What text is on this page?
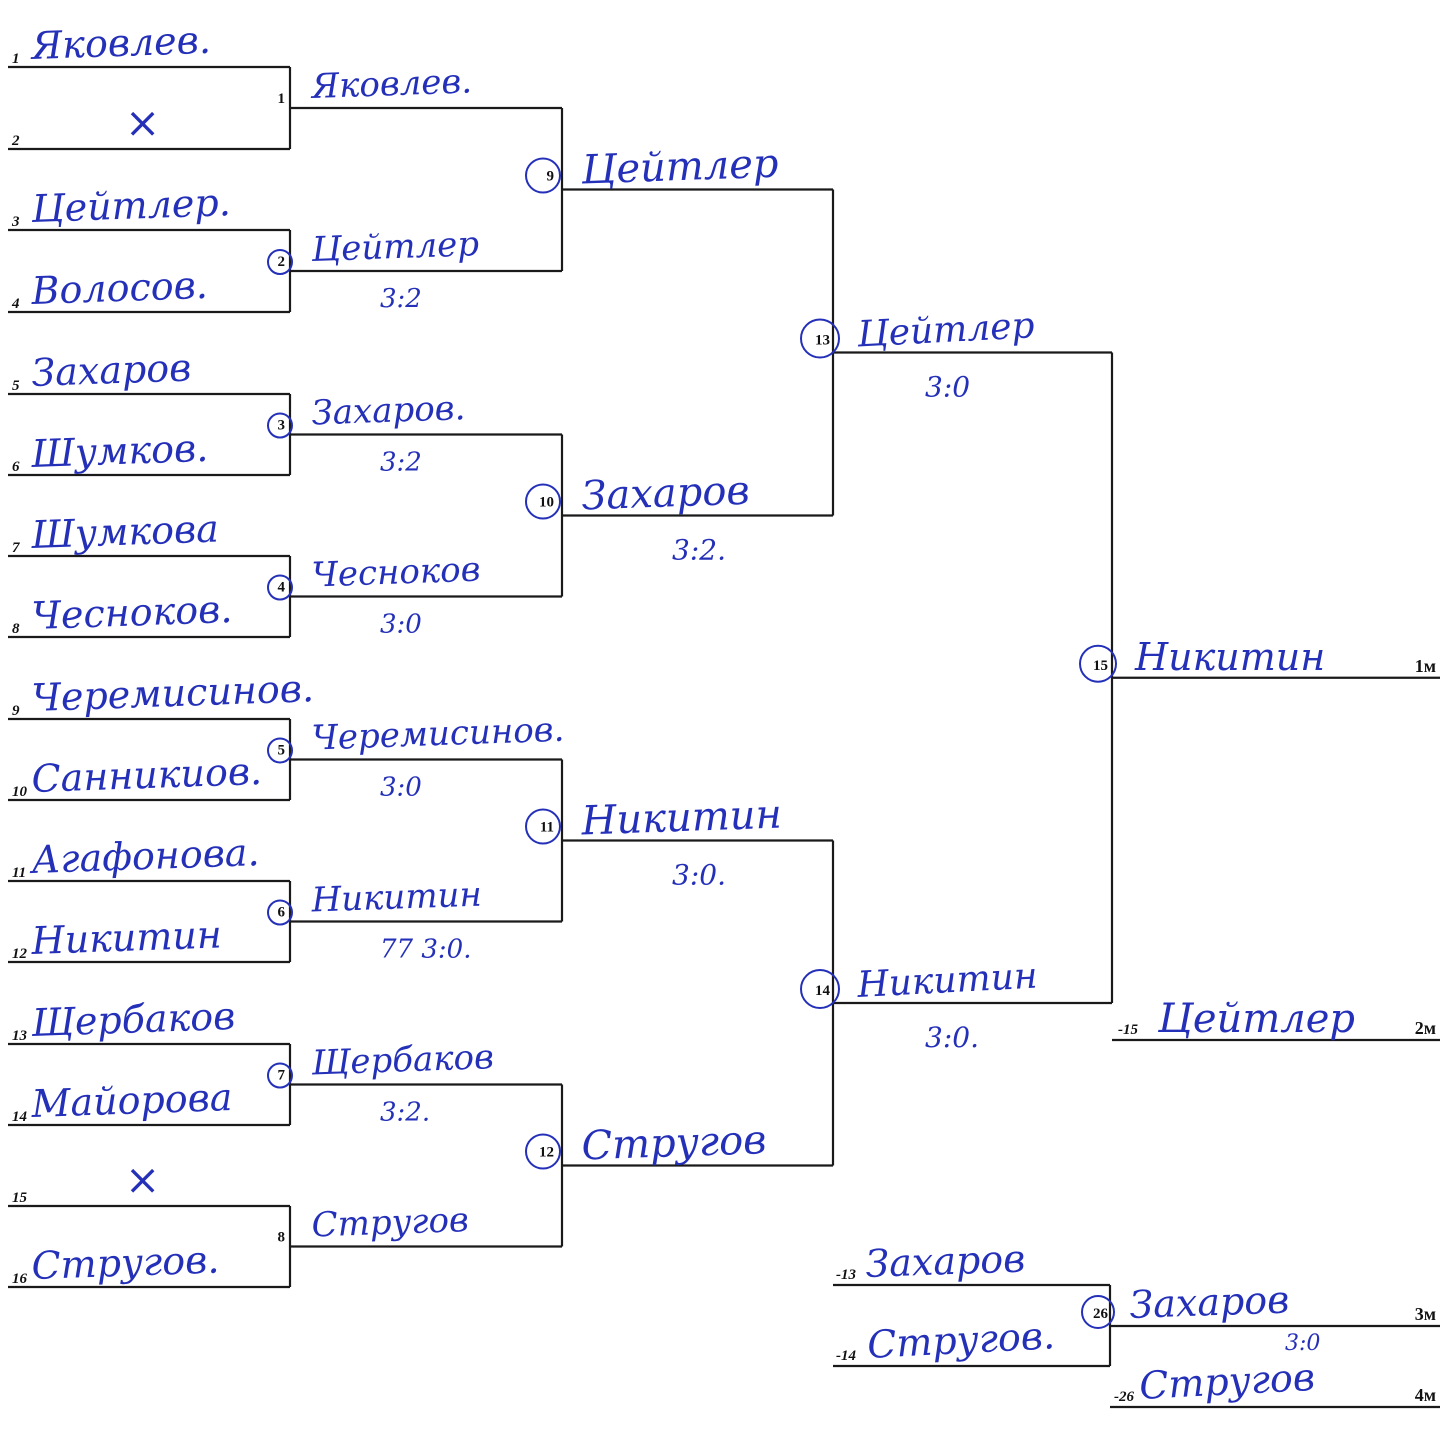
1 Яковлев.
2	×
3 Цейтлер.
4 Волосов.
5 Захаров
6 Шумков.
7 Шумкова
8 Чесноков.
9 Черемисинов.
10 Санникиов.
11 Агафонова.
12 Никитин
13 Щербаков
14 Майорова
15 ×
16 Стругов.
1 Яковлев.
2 Цейтлер
3:2
3 Захаров.
3:2
4 Чесноков
3:0
5 Черемисинов.
3:0
6 Никитин
77 3:0.
7 Щербаков
3:2.
8 Стругов
9 Цейтлер
10 Захаров
3:2.
11 Никитин
3:0.
12 Стругов
13 Цейтлер
3:0
14 Никитин
3:0.
15 Никитин	1м
-15 Цейтлер	2м
-13 Захаров
-14 Стругов. 26 Захаров
3:0
3м
-26 Стругов	4м
